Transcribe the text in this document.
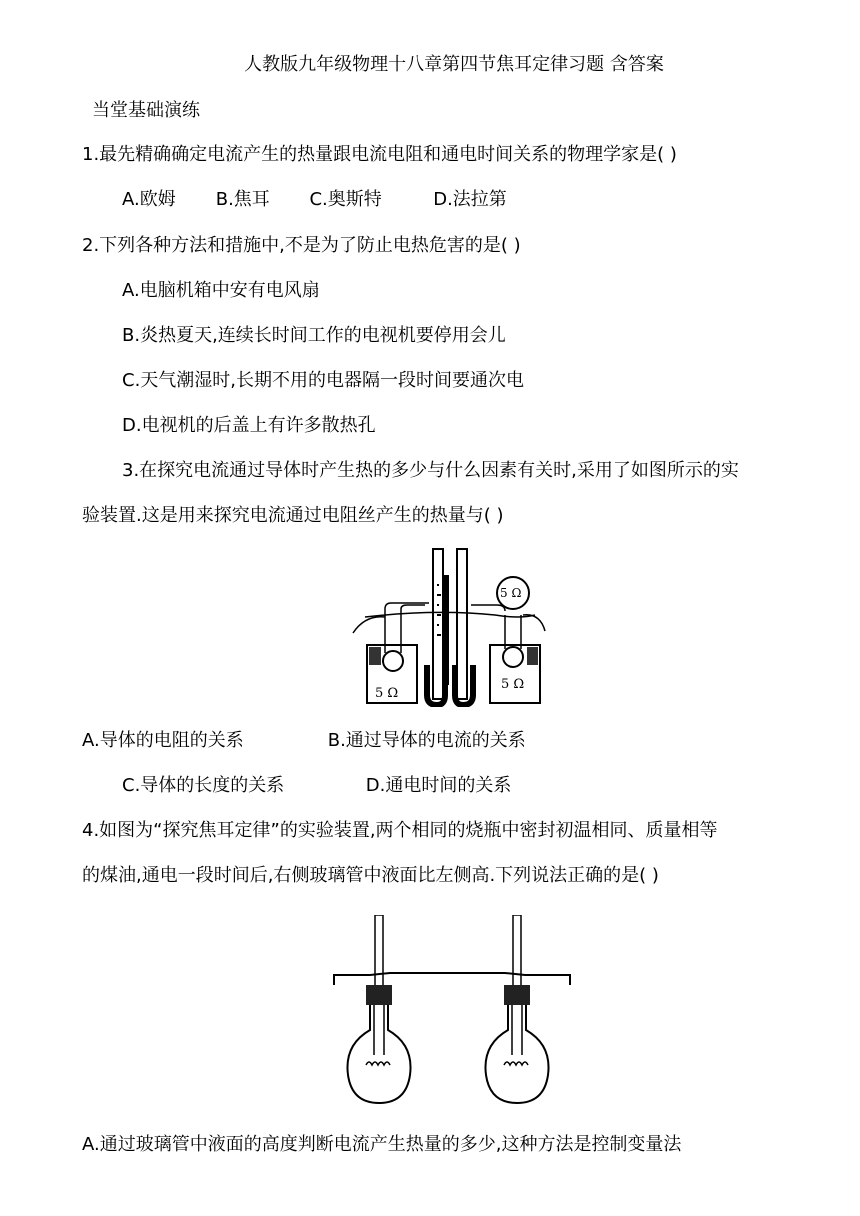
人教版九年级物理十八章第四节焦耳定律习题 含答案
当堂基础演练
1.最先精确确定电流产生的热量跟电流电阻和通电时间关系的物理学家是( )
A.欧姆 B.焦耳 C.奥斯特	D.法拉第
2.下列各种方法和措施中,不是为了防止电热危害的是( )
A.电脑机箱中安有电风扇
B.炎热夏天,连续长时间工作的电视机要停用会儿
C.天气潮湿时,长期不用的电器隔一段时间要通次电
D.电视机的后盖上有许多散热孔
3.在探究电流通过导体时产生热的多少与什么因素有关时,采用了如图所示的实
验装置.这是用来探究电流通过电阻丝产生的热量与( )
5 Ω
5 Ω
5 Ω
A.导体的电阻的关系	B.通过导体的电流的关系
C.导体的长度的关系	D.通电时间的关系
4.如图为“探究焦耳定律”的实验装置,两个相同的烧瓶中密封初温相同、质量相等
的煤油,通电一段时间后,右侧玻璃管中液面比左侧高.下列说法正确的是( )
A.通过玻璃管中液面的高度判断电流产生热量的多少,这种方法是控制变量法
